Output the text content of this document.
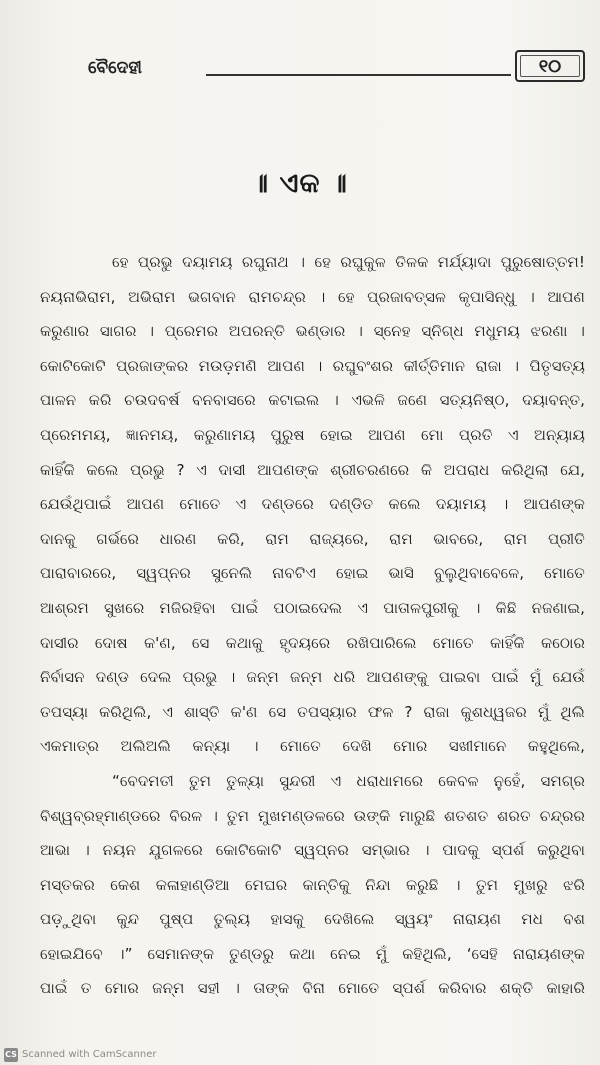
ବୈଦେହୀ	୧୦
॥ ଏକ ॥
ହେ ପ୍ରଭୁ ଦୟାମୟ ରଘୁନାଥ । ହେ ରଘୁକୁଳ ତିଳକ ମର୍ଯ୍ୟାଦା ପୁରୁଷୋତ୍ତମ!
ନୟନାଭିରାମ, ଅଭିରାମ ଭଗବାନ ରାମଚନ୍ଦ୍ର । ହେ ପ୍ରଜାବତ୍ସଳ କୃପାସିନ୍ଧୁ । ଆପଣ
କରୁଣାର ସାଗର । ପ୍ରେମର ଅପରନ୍ତି ଭଣ୍ଡାର । ସ୍ନେହ ସ୍ନିଗ୍ଧ ମଧୁମୟ ଝରଣା ।
କୋଟିକୋଟି ପ୍ରଜାଙ୍କର ମଉଡ଼ମଣି ଆପଣ । ରଘୁବଂଶର କୀର୍ତ୍ତିମାନ ରାଜା । ପିତୃସତ୍ୟ
ପାଳନ କରି ଚଉଦବର୍ଷ ବନବାସରେ କଟାଇଲ । ଏଭଳି ଜଣେ ସତ୍ୟନିଷ୍ଠ, ଦୟାବନ୍ତ,
ପ୍ରେମମୟ, ଜ୍ଞାନମୟ, କରୁଣାମୟ ପୁରୁଷ ହୋଇ ଆପଣ ମୋ ପ୍ରତି ଏ ଅନ୍ୟାୟ
କାହିଁକି କଲେ ପ୍ରଭୁ ? ଏ ଦାସୀ ଆପଣଙ୍କ ଶ୍ରୀଚରଣରେ କି ଅପରାଧ କରିଥିଲା ଯେ,
ଯେଉଁଥିପାଇଁ ଆପଣ ମୋତେ ଏ ଦଣ୍ଡରେ ଦଣ୍ଡିତ କଲେ ଦୟାମୟ । ଆପଣଙ୍କ
ଦାନକୁ ଗର୍ଭରେ ଧାରଣ କରି, ରାମ ରାଜ୍ୟରେ, ରାମ ଭାବରେ, ରାମ ପ୍ରୀତି
ପାରାବାରରେ, ସ୍ୱପ୍ନର ସୁନେଲି ନାବଟିଏ ହୋଇ ଭାସି ବୁଲୁଥିବାବେଳେ, ମୋତେ
ଆଶ୍ରମ ସୁଖରେ ମଜିରହିବା ପାଇଁ ପଠାଇଦେଲ ଏ ପାତାଳପୁରୀକୁ । କିଛି ନଜଣାଇ,
ଦାସୀର ଦୋଷ କ'ଣ, ସେ କଥାକୁ ହୃଦୟରେ ରଖିପାରିଲେ ମୋତେ କାହିଁକି କଠୋର
ନିର୍ବାସନ ଦଣ୍ଡ ଦେଲ ପ୍ରଭୁ । ଜନ୍ମ ଜନ୍ମ ଧରି ଆପଣଙ୍କୁ ପାଇବା ପାଇଁ ମୁଁ ଯେଉଁ
ତପସ୍ୟା କରିଥିଲି, ଏ ଶାସ୍ତି କ'ଣ ସେ ତପସ୍ୟାର ଫଳ ? ରାଜା କୁଶଧ୍ୱଜର ମୁଁ ଥିଲି
ଏକମାତ୍ର ଅଲିଅଲି କନ୍ୟା । ମୋତେ ଦେଖି ମୋର ସଖୀମାନେ କହୁଥିଲେ,
“ବେଦମତୀ ତୁମ ତୁଳ୍ୟା ସୁନ୍ଦରୀ ଏ ଧରାଧାମରେ କେବଳ ନୁହେଁ, ସମଗ୍ର
ବିଶ୍ୱବ୍ରହ୍ମାଣ୍ଡରେ ବିରଳ । ତୁମ ମୁଖମଣ୍ଡଳରେ ଉଙ୍କି ମାରୁଛି ଶତଶତ ଶରତ ଚନ୍ଦ୍ରର
ଆଭା । ନୟନ ଯୁଗଳରେ କୋଟିକୋଟି ସ୍ୱପ୍ନର ସମ୍ଭାର । ପାଦକୁ ସ୍ପର୍ଶ କରୁଥିବା
ମସ୍ତକର କେଶ କଳାହାଣ୍ଡିଆ ମେଘର କାନ୍ତିକୁ ନିନ୍ଦା କରୁଛି । ତୁମ ମୁଖରୁ ଝରି
ପଡ଼ୁଥିବା କୁନ୍ଦ ପୁଷ୍ପ ତୁଲ୍ୟ ହାସକୁ ଦେଖିଲେ ସ୍ୱୟଂ ନାରାୟଣ ମଧ ବଶ
ହୋଇଯିବେ ।” ସେମାନଙ୍କ ତୁଣ୍ଡରୁ କଥା ନେଇ ମୁଁ କହିଥିଲି, ‘ସେହି ନାରାୟଣଙ୍କ
ପାଇଁ ତ ମୋର ଜନ୍ମ ସହୀ । ତାଙ୍କ ବିନା ମୋତେ ସ୍ପର୍ଶ କରିବାର ଶକ୍ତି କାହାରି
CS Scanned with CamScanner
